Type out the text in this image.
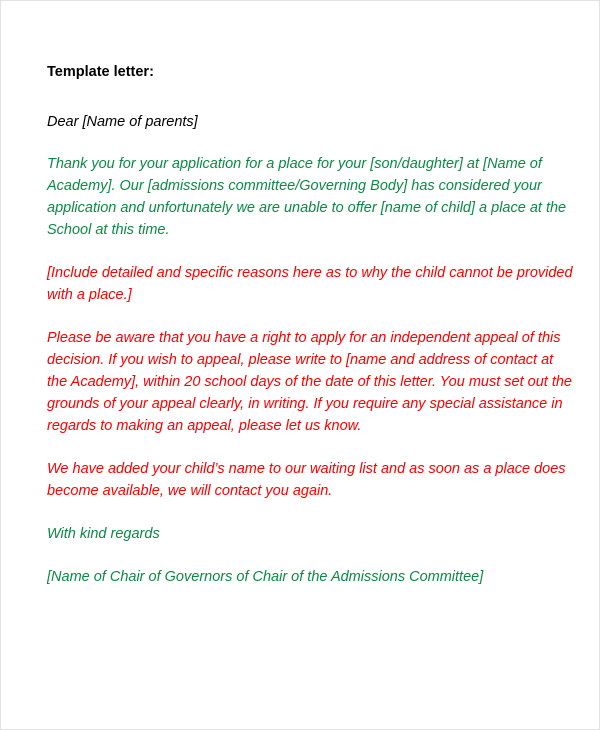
Template letter:

Dear [Name of parents]

Thank you for your application for a place for your [son/daughter] at [Name of Academy]. Our [admissions committee/Governing Body] has considered your application and unfortunately we are unable to offer [name of child] a place at the School at this time.

[Include detailed and specific reasons here as to why the child cannot be provided with a place.]

Please be aware that you have a right to apply for an independent appeal of this decision. If you wish to appeal, please write to [name and address of contact at the Academy], within 20 school days of the date of this letter. You must set out the grounds of your appeal clearly, in writing. If you require any special assistance in regards to making an appeal, please let us know.

We have added your child’s name to our waiting list and as soon as a place does become available, we will contact you again.

With kind regards

[Name of Chair of Governors of Chair of the Admissions Committee]
